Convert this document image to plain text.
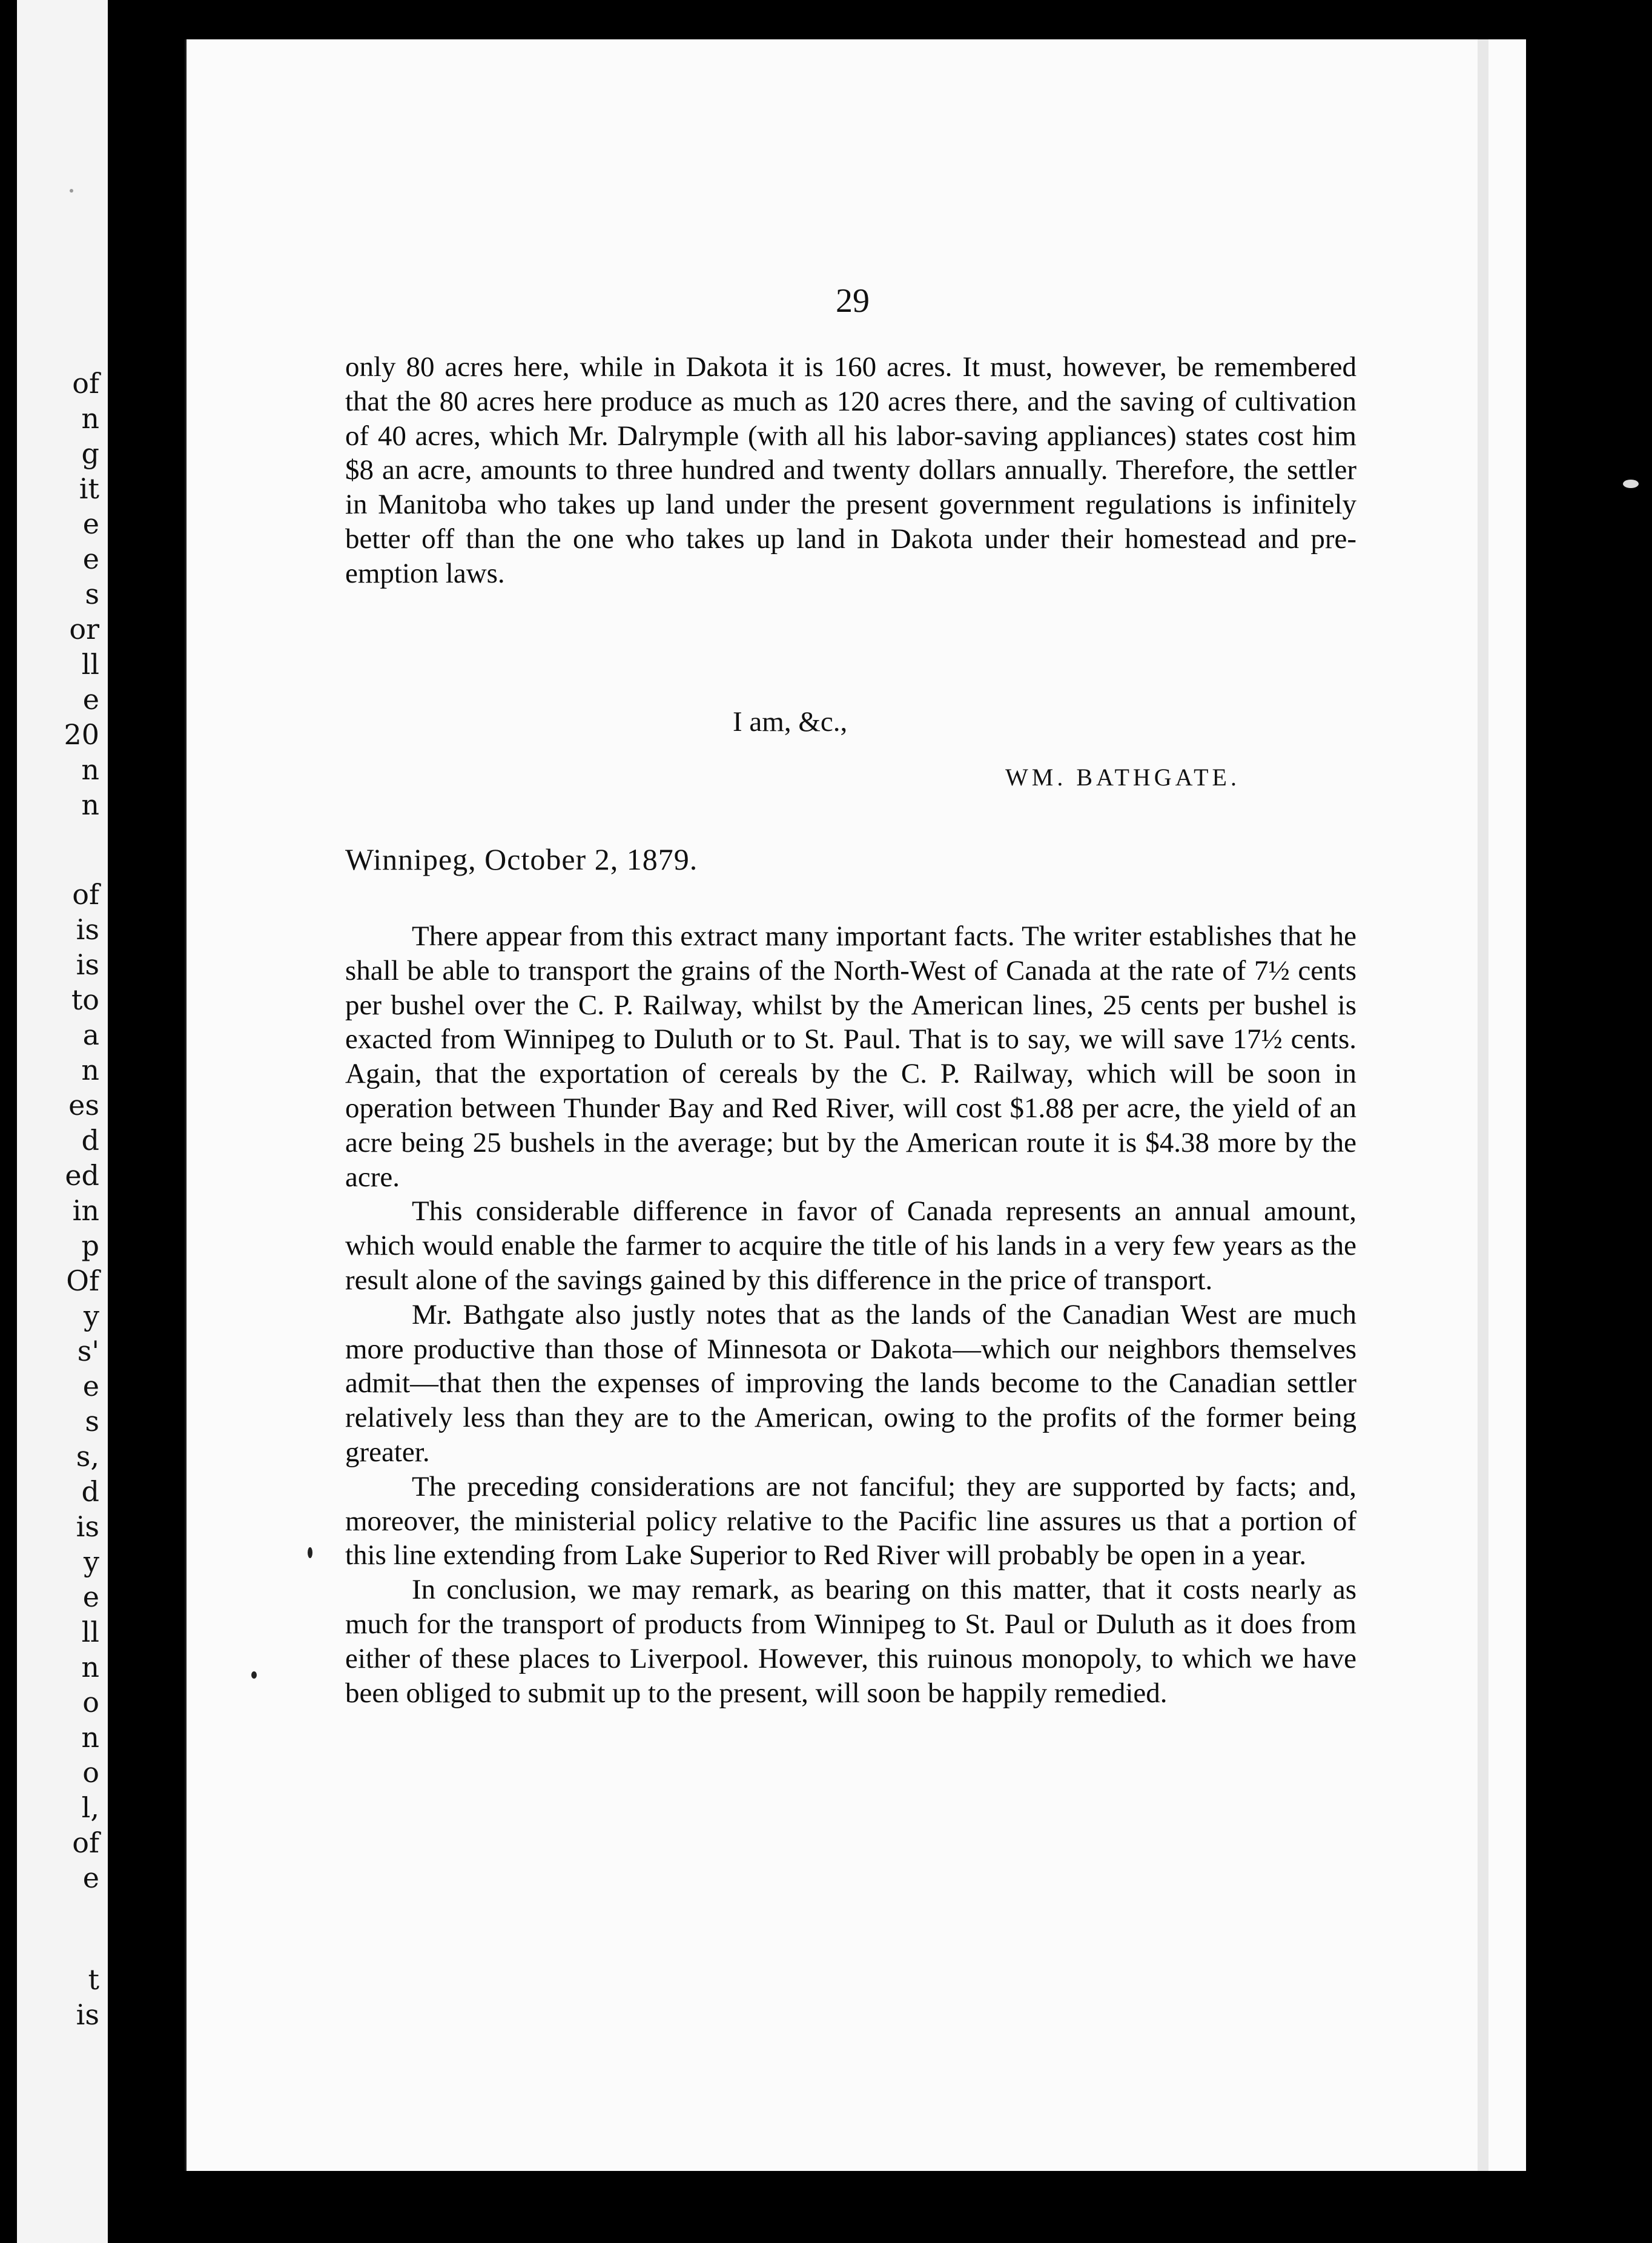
of
n
g
it
e
e
s
or
ll
e
20
n
n
of
is
is
to
a
n
es
d
ed
in
p
Of
y
s'
e
s
s,
d
is
y
e
ll
n
o
n
o
l,
of
e
t
is
29
only 80 acres here, while in Dakota it is 160 acres. It must, however, be remembered that the 80 acres here produce as much as 120 acres there, and the saving of cultivation of 40 acres, which Mr. Dalrymple (with all his labor-saving appliances) states cost him $8 an acre, amounts to three hundred and twenty dollars annually. Therefore, the settler in Manitoba who takes up land under the present government regulations is infinitely better off than the one who takes up land in Dakota under their homestead and pre-emption laws.
I am, &c.,
WM. BATHGATE.
Winnipeg, October 2, 1879.

There appear from this extract many important facts. The writer establishes that he shall be able to transport the grains of the North-West of Canada at the rate of 7½ cents per bushel over the C. P. Railway, whilst by the American lines, 25 cents per bushel is exacted from Winnipeg to Duluth or to St. Paul. That is to say, we will save 17½ cents. Again, that the exportation of cereals by the C. P. Railway, which will be soon in operation between Thunder Bay and Red River, will cost $1.88 per acre, the yield of an acre being 25 bushels in the average; but by the American route it is $4.38 more by the acre.

This considerable difference in favor of Canada represents an annual amount, which would enable the farmer to acquire the title of his lands in a very few years as the result alone of the savings gained by this difference in the price of transport.

Mr. Bathgate also justly notes that as the lands of the Canadian West are much more productive than those of Minnesota or Dakota—which our neighbors themselves admit—that then the expenses of improving the lands become to the Canadian settler relatively less than they are to the American, owing to the profits of the former being greater.

The preceding considerations are not fanciful; they are supported by facts; and, moreover, the ministerial policy relative to the Pacific line assures us that a portion of this line extending from Lake Superior to Red River will probably be open in a year.

In conclusion, we may remark, as bearing on this matter, that it costs nearly as much for the transport of products from Winnipeg to St. Paul or Duluth as it does from either of these places to Liverpool. However, this ruinous monopoly, to which we have been obliged to submit up to the present, will soon be happily remedied.
